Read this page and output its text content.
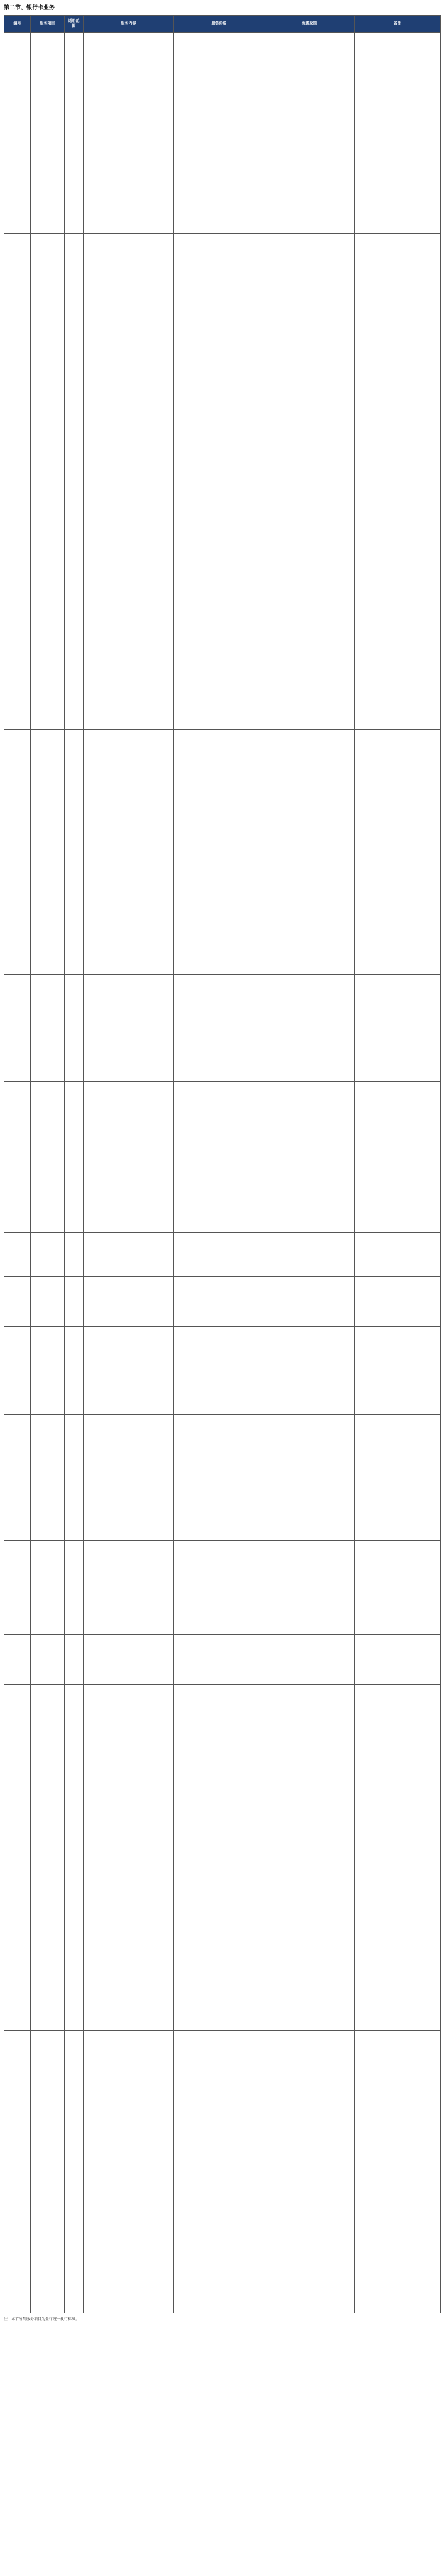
第二节、银行卡业务
编号	服务项目	适用范围	服务内容	服务价格	优惠政策	备注

注：本节所列服务项目为全行统一执行标准。
